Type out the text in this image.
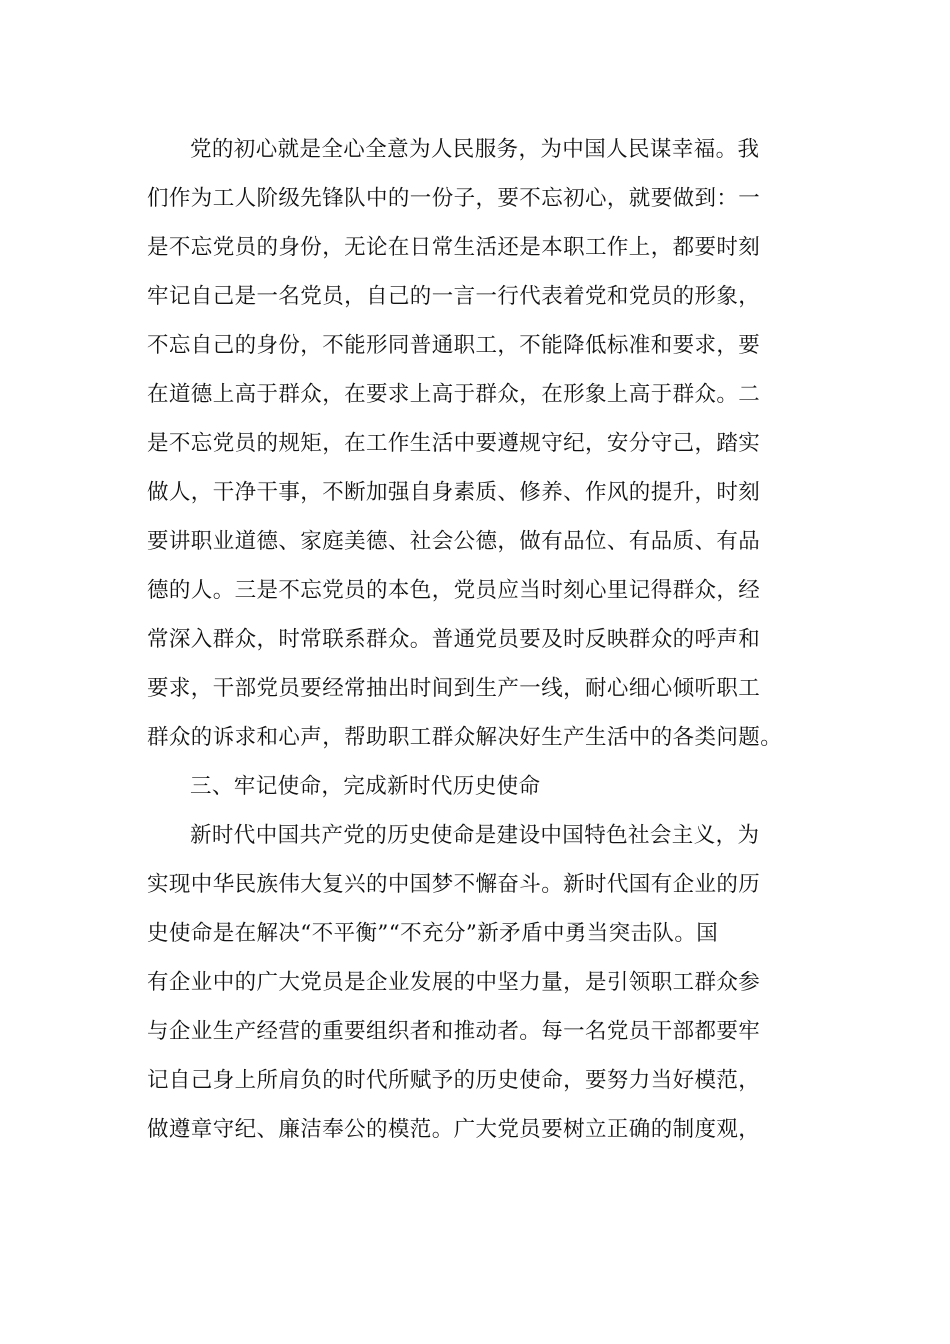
党的初心就是全心全意为人民服务，为中国人民谋幸福。我
们作为工人阶级先锋队中的一份子，要不忘初心，就要做到：一
是不忘党员的身份，无论在日常生活还是本职工作上，都要时刻
牢记自己是一名党员，自己的一言一行代表着党和党员的形象，
不忘自己的身份，不能形同普通职工，不能降低标准和要求，要
在道德上高于群众，在要求上高于群众，在形象上高于群众。二
是不忘党员的规矩，在工作生活中要遵规守纪，安分守己，踏实
做人，干净干事，不断加强自身素质、修养、作风的提升，时刻
要讲职业道德、家庭美德、社会公德，做有品位、有品质、有品
德的人。三是不忘党员的本色，党员应当时刻心里记得群众，经
常深入群众，时常联系群众。普通党员要及时反映群众的呼声和
要求，干部党员要经常抽出时间到生产一线，耐心细心倾听职工
群众的诉求和心声，帮助职工群众解决好生产生活中的各类问题。
三、牢记使命，完成新时代历史使命
新时代中国共产党的历史使命是建设中国特色社会主义，为
实现中华民族伟大复兴的中国梦不懈奋斗。新时代国有企业的历
史使命是在解决“不平衡”“不充分”新矛盾中勇当突击队。国
有企业中的广大党员是企业发展的中坚力量，是引领职工群众参
与企业生产经营的重要组织者和推动者。每一名党员干部都要牢
记自己身上所肩负的时代所赋予的历史使命，要努力当好模范，
做遵章守纪、廉洁奉公的模范。广大党员要树立正确的制度观，
